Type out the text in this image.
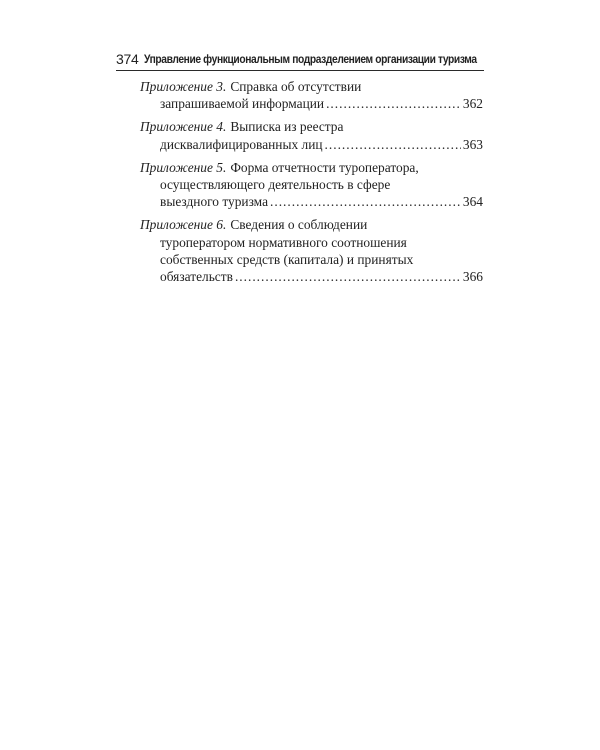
374 Управление функциональным подразделением организации туризма
Приложение 3. Справка об отсутствии
запрашиваемой информации .....	362
Приложение 4. Выписка из реестра
дисквалифицированных лиц .....	363
Приложение 5. Форма отчетности туроператора,
осуществляющего деятельность в сфере
выездного туризма .....	364
Приложение 6. Сведения о соблюдении
туроператором нормативного соотношения
собственных средств (капитала) и принятых
обязательств .....	366
